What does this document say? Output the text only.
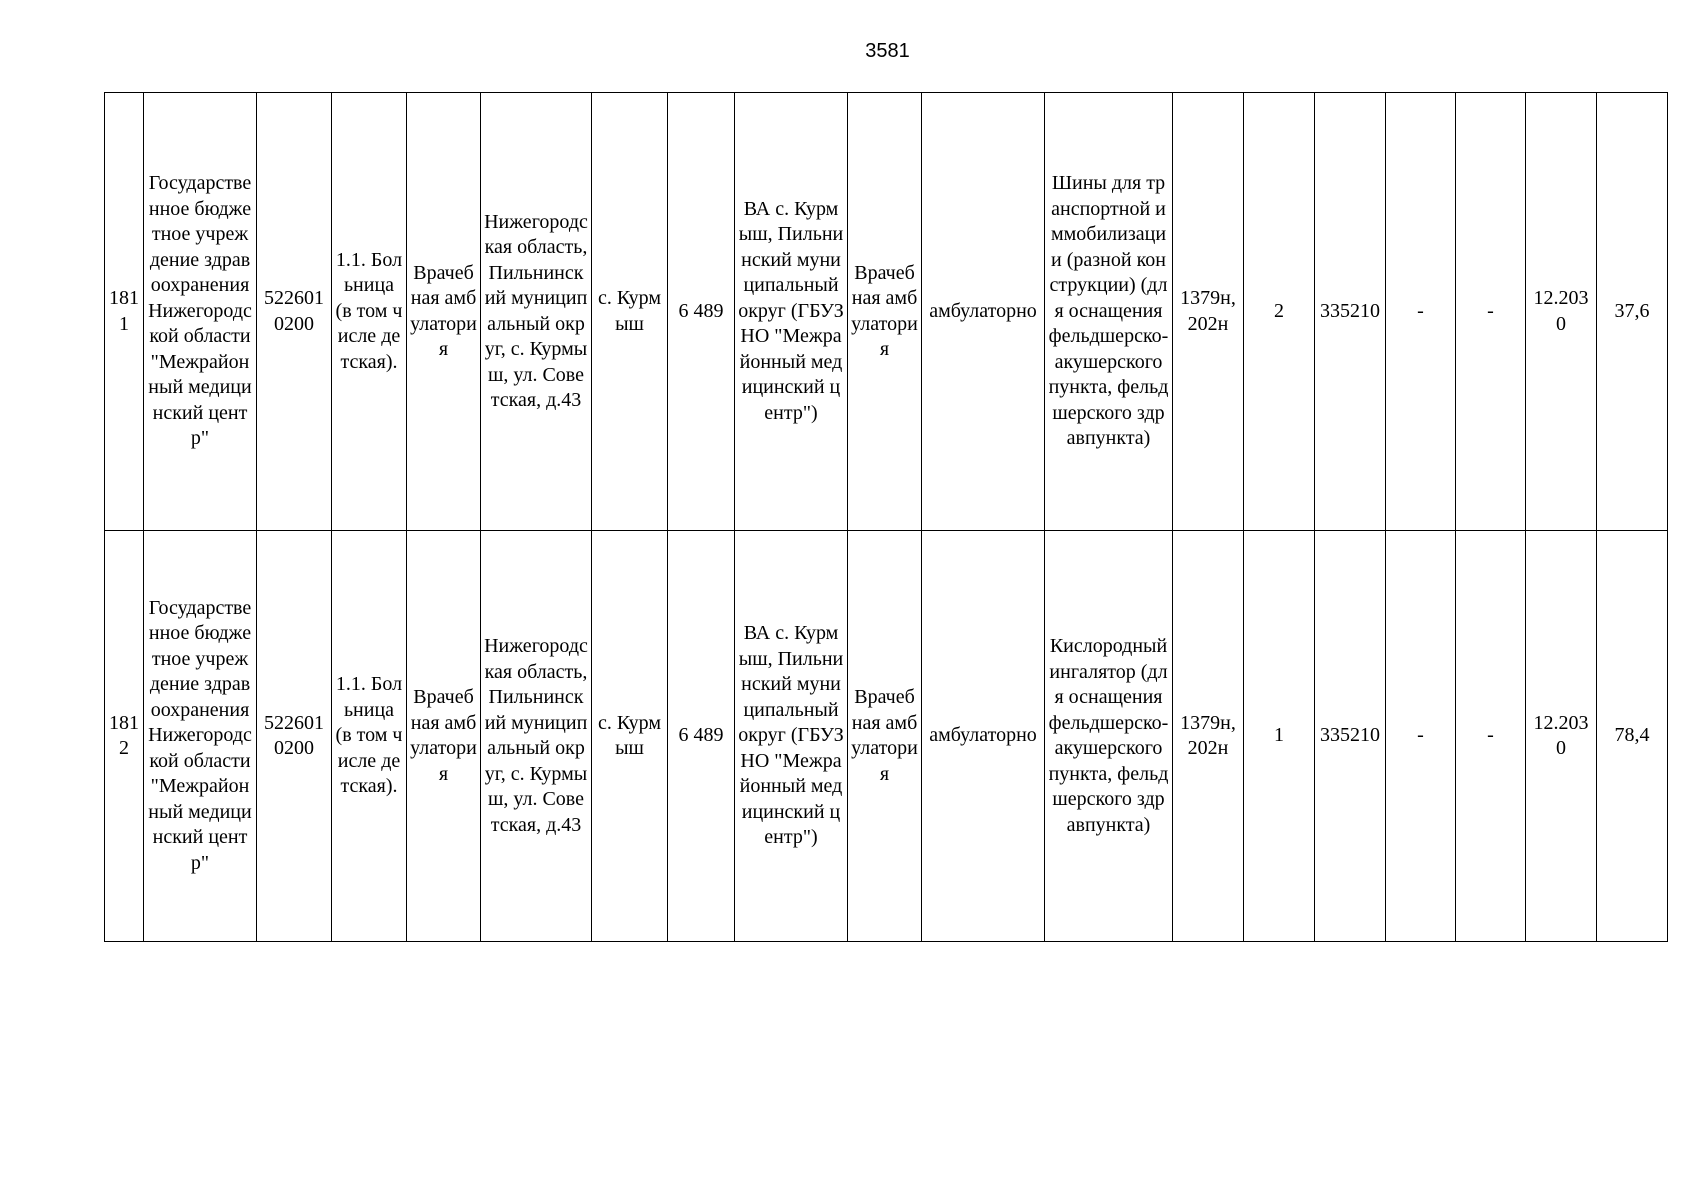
3581
1811	Государственное бюджетное учреждение здравоохранения Нижегородской области "Межрайонный медицинский центр"	5226010200	1.1. Больница (в том числе детская).	Врачебная амбулатория	Нижегородская область, Пильнинский муниципальный округ, с. Курмыш, ул. Советская, д.43	с. Курмыш	6 489	ВА с. Курмыш, Пильнинский муниципальный округ (ГБУЗ НО "Межрайонный медицинский центр")	Врачебная амбулатория	амбулаторно	Шины для транспортной иммобилизации (разной конструкции) (для оснащения фельдшерско-акушерского пункта, фельдшерского здравпункта)	1379н, 202н	2	335210	-	-	12.2030	37,6
1812	Государственное бюджетное учреждение здравоохранения Нижегородской области "Межрайонный медицинский центр"	5226010200	1.1. Больница (в том числе детская).	Врачебная амбулатория	Нижегородская область, Пильнинский муниципальный округ, с. Курмыш, ул. Советская, д.43	с. Курмыш	6 489	ВА с. Курмыш, Пильнинский муниципальный округ (ГБУЗ НО "Межрайонный медицинский центр")	Врачебная амбулатория	амбулаторно	Кислородный ингалятор (для оснащения фельдшерско-акушерского пункта, фельдшерского здравпункта)	1379н, 202н	1	335210	-	-	12.2030	78,4
